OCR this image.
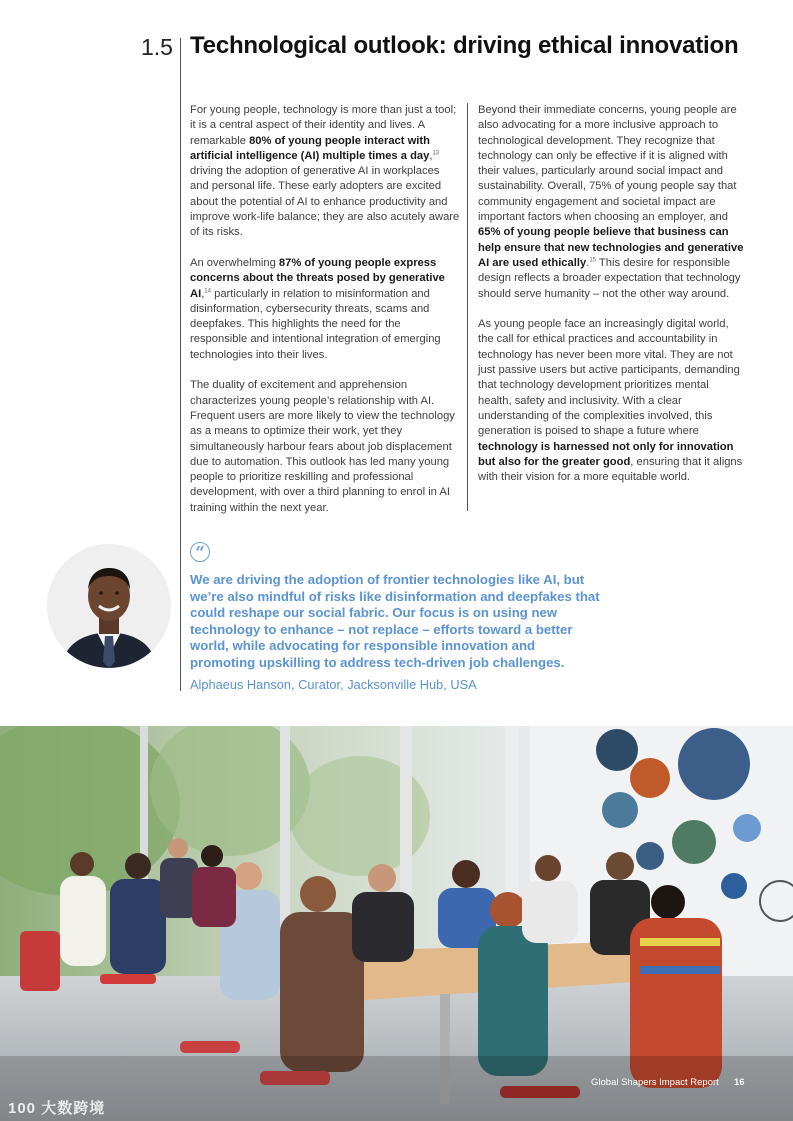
1.5 Technological outlook: driving ethical innovation

For young people, technology is more than just a tool; it is a central aspect of their identity and lives. A remarkable 80% of young people interact with artificial intelligence (AI) multiple times a day,$^{13}$ driving the adoption of generative AI in workplaces and personal life. These early adopters are excited about the potential of AI to enhance productivity and improve work-life balance; they are also acutely aware of its risks.

An overwhelming 87% of young people express concerns about the threats posed by generative AI,$^{14}$ particularly in relation to misinformation and disinformation, cybersecurity threats, scams and deepfakes. This highlights the need for the responsible and intentional integration of emerging technologies into their lives.

The duality of excitement and apprehension characterizes young people’s relationship with AI. Frequent users are more likely to view the technology as a means to optimize their work, yet they simultaneously harbour fears about job displacement due to automation. This outlook has led many young people to prioritize reskilling and professional development, with over a third planning to enrol in AI training within the next year.

Beyond their immediate concerns, young people are also advocating for a more inclusive approach to technological development. They recognize that technology can only be effective if it is aligned with their values, particularly around social impact and sustainability. Overall, 75% of young people say that community engagement and societal impact are important factors when choosing an employer, and 65% of young people believe that business can help ensure that new technologies and generative AI are used ethically.$^{15}$ This desire for responsible design reflects a broader expectation that technology should serve humanity – not the other way around.

As young people face an increasingly digital world, the call for ethical practices and accountability in technology has never been more vital. They are not just passive users but active participants, demanding that technology development prioritizes mental health, safety and inclusivity. With a clear understanding of the complexities involved, this generation is poised to shape a future where technology is harnessed not only for innovation but also for the greater good, ensuring that it aligns with their vision for a more equitable world.

“
We are driving the adoption of frontier technologies like AI, but we’re also mindful of risks like disinformation and deepfakes that could reshape our social fabric. Our focus is on using new technology to enhance – not replace – efforts toward a better world, while advocating for responsible innovation and promoting upskilling to address tech-driven job challenges.
Alphaeus Hanson, Curator, Jacksonville Hub, USA
Global Shapers Impact Report 16
100 大数跨境
